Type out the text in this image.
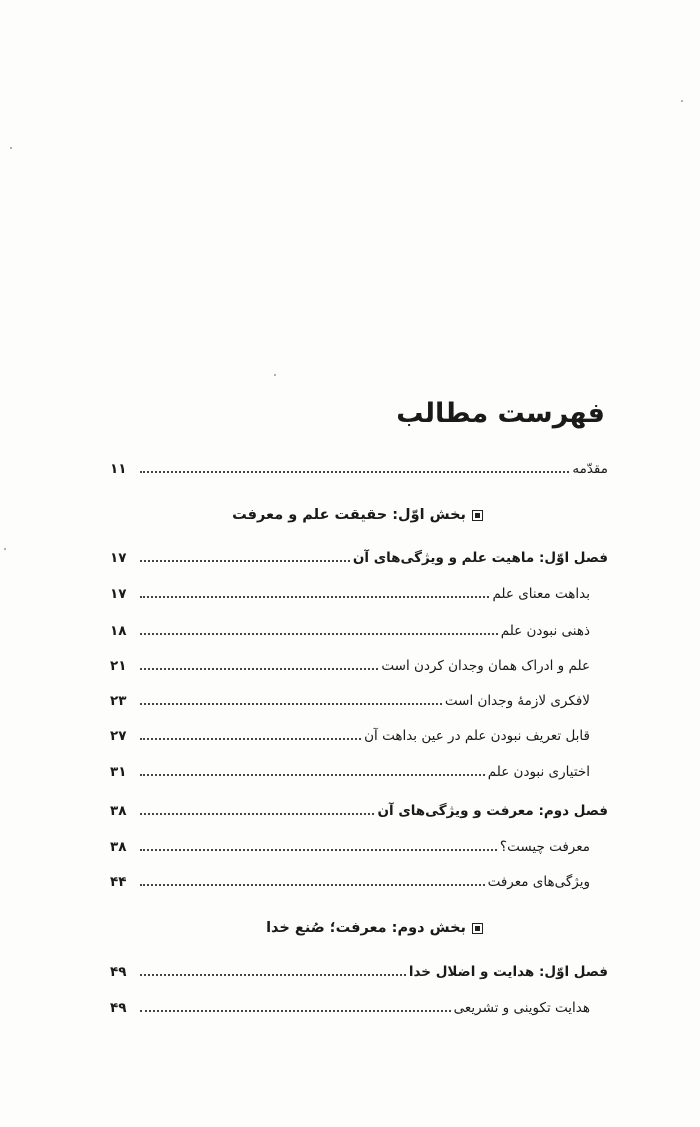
فهرست مطالب
بخش اوّل: حقیقت علم و معرفت
بخش دوم: معرفت؛ صُنع خدا
مقدّمه
۱۱
فصل اوّل: ماهیت علم و ویژگی‌های آن
۱۷
بداهت معنای علم
۱۷
ذهنی نبودن علم
۱۸
علم و ادراک همان وجدان کردن است
۲۱
لافکری لازمهٔ وجدان است
۲۳
قابل تعریف نبودن علم در عین بداهت آن
۲۷
اختیاری نبودن علم
۳۱
فصل دوم: معرفت و ویژگی‌های آن
۳۸
معرفت چیست؟
۳۸
ویژگی‌های معرفت
۴۴
فصل اوّل: هدایت و اضلال خدا
۴۹
هدایت تکوینی و تشریعی
۴۹
